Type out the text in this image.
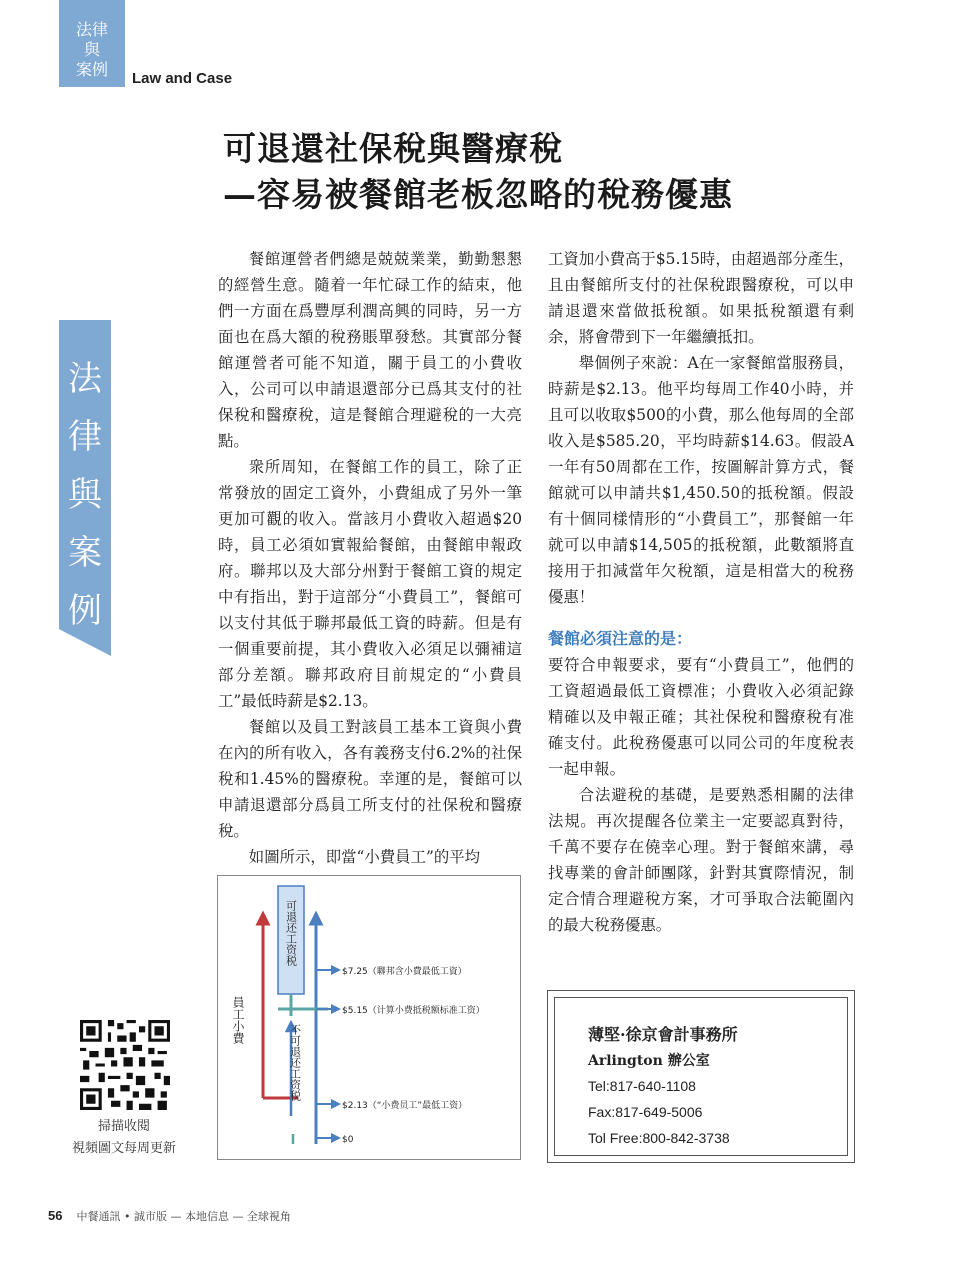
法律
與
案例	Law and Case
法
律
與
案
例
可退還社保稅與醫療稅
—容易被餐館老板忽略的稅務優惠

餐館運營者們總是兢兢業業，勤勤懇懇的經營生意。隨着一年忙碌工作的結束，他們一方面在爲豐厚利潤高興的同時，另一方面也在爲大額的稅務賬單發愁。其實部分餐館運營者可能不知道，關于員工的小費收入，公司可以申請退還部分已爲其支付的社保稅和醫療稅，這是餐館合理避稅的一大亮點。

衆所周知，在餐館工作的員工，除了正常發放的固定工資外，小費組成了另外一筆更加可觀的收入。當該月小費收入超過$20時，員工必須如實報給餐館，由餐館申報政府。聯邦以及大部分州對于餐館工資的規定中有指出，對于這部分“小費員工”，餐館可以支付其低于聯邦最低工資的時薪。但是有一個重要前提，其小費收入必須足以彌補這部分差額。聯邦政府目前規定的“小費員工”最低時薪是$2.13。

餐館以及員工對該員工基本工資與小費在內的所有收入，各有義務支付6.2%的社保稅和1.45%的醫療稅。幸運的是，餐館可以申請退還部分爲員工所支付的社保稅和醫療稅。

如圖所示，即當“小費員工”的平均

工資加小費高于$5.15時，由超過部分產生，且由餐館所支付的社保稅跟醫療稅，可以申請退還來當做抵稅額。如果抵稅額還有剩余，將會帶到下一年繼續抵扣。

舉個例子來說：A在一家餐館當服務員，時薪是$2.13。他平均每周工作40小時，并且可以收取$500的小費，那么他每周的全部收入是$585.20，平均時薪$14.63。假設A一年有50周都在工作，按圖解計算方式，餐館就可以申請共$1,450.50的抵稅額。假設有十個同樣情形的“小費員工”，那餐館一年就可以申請$14,505的抵稅額，此數額將直接用于扣減當年欠稅額，這是相當大的稅務優惠！

餐館必須注意的是：

要符合申報要求，要有“小費員工”，他們的工資超過最低工資標准；小費收入必須記錄精確以及申報正確；其社保稅和醫療稅有准確支付。此稅務優惠可以同公司的年度稅表一起申報。

合法避稅的基礎，是要熟悉相關的法律法規。再次提醒各位業主一定要認真對待，千萬不要存在僥幸心理。對于餐館來講，尋找專業的會計師團隊，針對其實際情況，制定合情合理避稅方案，才可爭取合法範圍內的最大稅務優惠。

可退还工资税
不可退还工资税
員工小費
$7.25（聯邦含小費最低工資）
$5.15（计算小费抵税额标准工资）
$2.13（“小费员工”最低工资）
$0
掃描收閱
視頻圖文每周更新
薄堅·徐京會計事務所
Arlington 辦公室
Tel:817-640-1108
Fax:817-649-5006
Tol Free:800-842-3738
56 中餐通訊 • 誠市版 — 本地信息 — 全球視角
